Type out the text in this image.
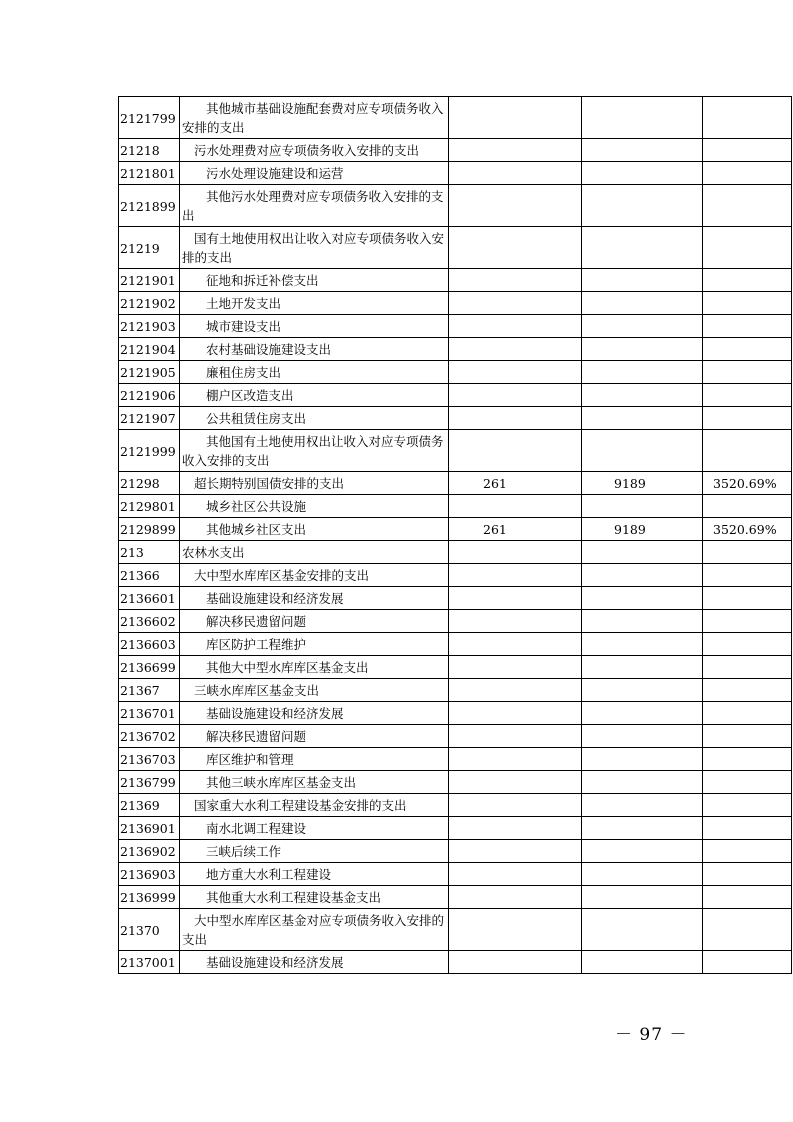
2121799	其他城市基础设施配套费对应专项债务收入安排的支出			
21218	污水处理费对应专项债务收入安排的支出			
2121801	污水处理设施建设和运营			
2121899	其他污水处理费对应专项债务收入安排的支出			
21219	国有土地使用权出让收入对应专项债务收入安排的支出			
2121901	征地和拆迁补偿支出			
2121902	土地开发支出			
2121903	城市建设支出			
2121904	农村基础设施建设支出			
2121905	廉租住房支出			
2121906	棚户区改造支出			
2121907	公共租赁住房支出			
2121999	其他国有土地使用权出让收入对应专项债务收入安排的支出			
21298	超长期特别国债安排的支出	261	9189	3520.69%
2129801	城乡社区公共设施			
2129899	其他城乡社区支出	261	9189	3520.69%
213	农林水支出			
21366	大中型水库库区基金安排的支出			
2136601	基础设施建设和经济发展			
2136602	解决移民遗留问题			
2136603	库区防护工程维护			
2136699	其他大中型水库库区基金支出			
21367	三峡水库库区基金支出			
2136701	基础设施建设和经济发展			
2136702	解决移民遗留问题			
2136703	库区维护和管理			
2136799	其他三峡水库库区基金支出			
21369	国家重大水利工程建设基金安排的支出			
2136901	南水北调工程建设			
2136902	三峡后续工作			
2136903	地方重大水利工程建设			
2136999	其他重大水利工程建设基金支出			
21370	大中型水库库区基金对应专项债务收入安排的支出			
2137001	基础设施建设和经济发展			
－ 97 －
